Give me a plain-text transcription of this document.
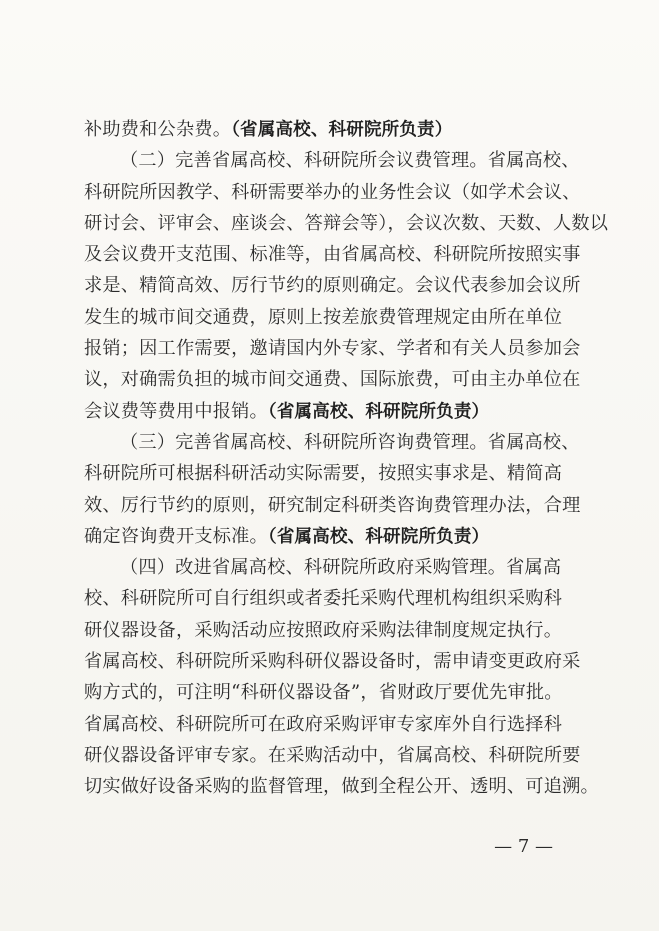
补助费和公杂费。（省属高校、科研院所负责）
（二）完善省属高校、科研院所会议费管理。省属高校、
科研院所因教学、科研需要举办的业务性会议（如学术会议、
研讨会、评审会、座谈会、答辩会等），会议次数、天数、人数以
及会议费开支范围、标准等，由省属高校、科研院所按照实事
求是、精简高效、厉行节约的原则确定。会议代表参加会议所
发生的城市间交通费，原则上按差旅费管理规定由所在单位
报销；因工作需要，邀请国内外专家、学者和有关人员参加会
议，对确需负担的城市间交通费、国际旅费，可由主办单位在
会议费等费用中报销。（省属高校、科研院所负责）
（三）完善省属高校、科研院所咨询费管理。省属高校、
科研院所可根据科研活动实际需要，按照实事求是、精简高
效、厉行节约的原则，研究制定科研类咨询费管理办法，合理
确定咨询费开支标准。（省属高校、科研院所负责）
（四）改进省属高校、科研院所政府采购管理。省属高
校、科研院所可自行组织或者委托采购代理机构组织采购科
研仪器设备，采购活动应按照政府采购法律制度规定执行。
省属高校、科研院所采购科研仪器设备时，需申请变更政府采
购方式的，可注明“科研仪器设备”，省财政厅要优先审批。
省属高校、科研院所可在政府采购评审专家库外自行选择科
研仪器设备评审专家。在采购活动中，省属高校、科研院所要
切实做好设备采购的监督管理，做到全程公开、透明、可追溯。
— 7 —
